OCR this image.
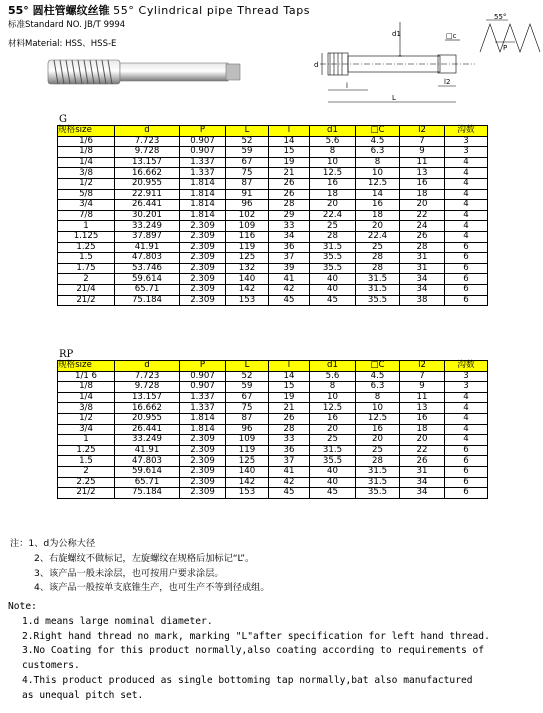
55° 圆柱管螺纹丝锥 55° Cylindrical pipe Thread Taps
标准Standard NO. JB/T 9994
材料Material: HSS、HSS-E
55°
d1
d
l
L
l2
□c
P
G
规格size	d	P	L	l	d1	□C	l2	沟数
1/6	7.723	0.907	52	14	5.6	4.5	7	3
1/8	9.728	0.907	59	15	8	6.3	9	3
1/4	13.157	1.337	67	19	10	8	11	4
3/8	16.662	1.337	75	21	12.5	10	13	4
1/2	20.955	1.814	87	26	16	12.5	16	4
5/8	22.911	1.814	91	26	18	14	18	4
3/4	26.441	1.814	96	28	20	16	20	4
7/8	30.201	1.814	102	29	22.4	18	22	4
1	33.249	2.309	109	33	25	20	24	4
1.125	37.897	2.309	116	34	28	22.4	26	4
1.25	41.91	2.309	119	36	31.5	25	28	6
1.5	47.803	2.309	125	37	35.5	28	31	6
1.75	53.746	2.309	132	39	35.5	28	31	6
2	59.614	2.309	140	41	40	31.5	34	6
21/4	65.71	2.309	142	42	40	31.5	34	6
21/2	75.184	2.309	153	45	45	35.5	38	6
RP
规格size	d	P	L	l	d1	□C	l2	沟数
1/1 6	7.723	0.907	52	14	5.6	4.5	7	3
1/8	9.728	0.907	59	15	8	6.3	9	3
1/4	13.157	1.337	67	19	10	8	11	4
3/8	16.662	1.337	75	21	12.5	10	13	4
1/2	20.955	1.814	87	26	16	12.5	16	4
3/4	26.441	1.814	96	28	20	16	18	4
1	33.249	2.309	109	33	25	20	20	4
1.25	41.91	2.309	119	36	31.5	25	22	6
1.5	47.803	2.309	125	37	35.5	28	26	6
2	59.614	2.309	140	41	40	31.5	31	6
2.25	65.71	2.309	142	42	40	31.5	34	6
21/2	75.184	2.309	153	45	45	35.5	34	6
注：1、d为公称大径
2、右旋螺纹不做标记，左旋螺纹在规格后加标记“L”。
3、该产品一般未涂层，也可按用户要求涂层。
4、该产品一般按单支底锥生产，也可生产不等到径成组。
Note:
1.d means large nominal diameter.
2.Right hand thread no mark, marking "L"after specification for left hand thread.
3.No Coating for this product normally,also coating according to requirements of
customers.
4.This product produced as single bottoming tap normally,bat also manufactured
as unequal pitch set.
